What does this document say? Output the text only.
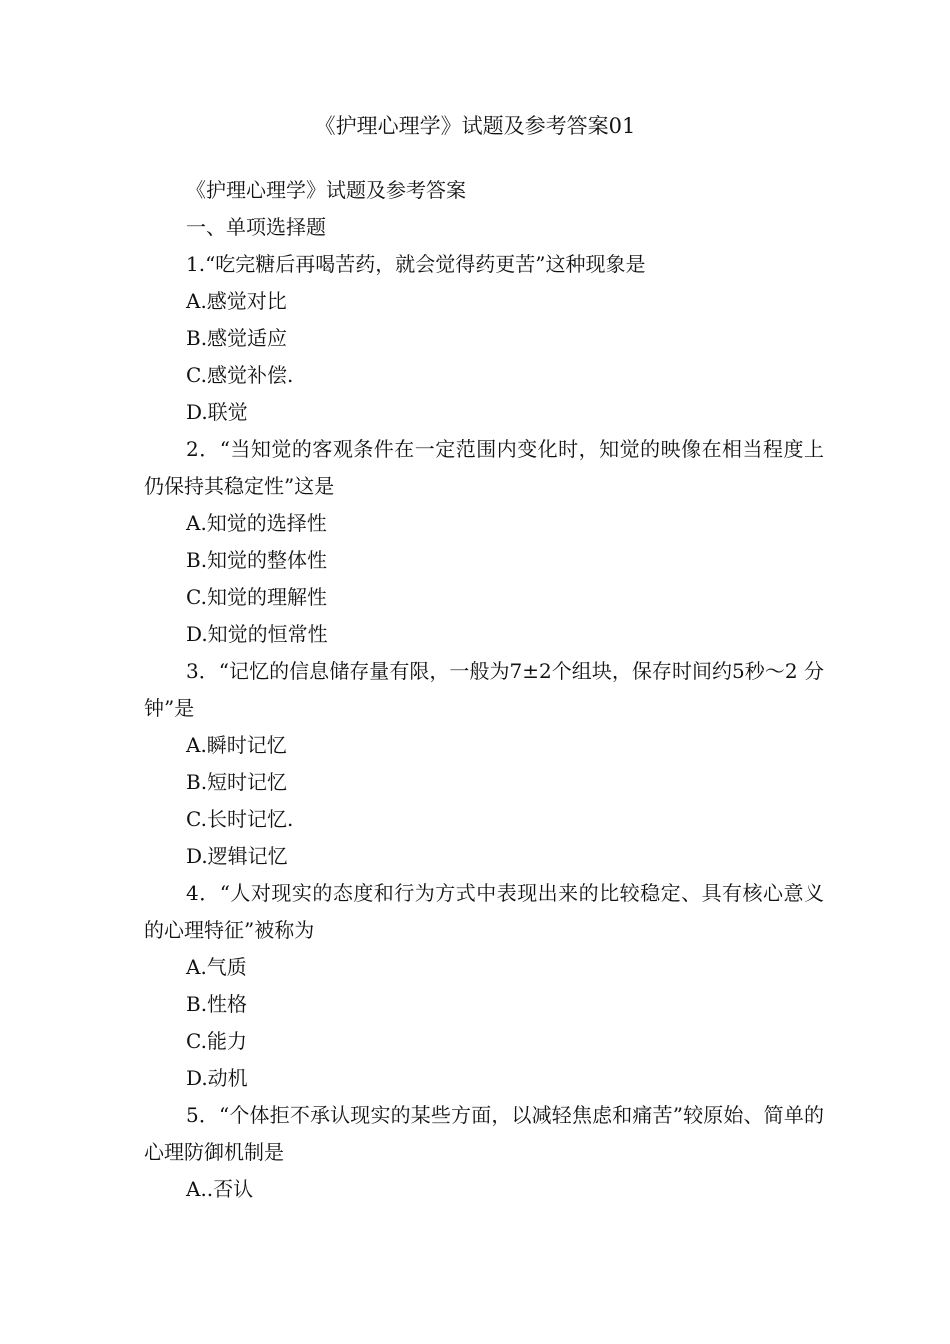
《护理心理学》试题及参考答案01

《护理心理学》试题及参考答案

一、单项选择题

1.“吃完糖后再喝苦药，就会觉得药更苦”这种现象是

A.感觉对比

B.感觉适应

C.感觉补偿.

D.联觉

2．“当知觉的客观条件在一定范围内变化时，知觉的映像在相当程度上仍保持其稳定性”这是

A.知觉的选择性

B.知觉的整体性

C.知觉的理解性

D.知觉的恒常性

3．“记忆的信息储存量有限，一般为7±2个组块，保存时间约5秒～2 分钟”是

A.瞬时记忆

B.短时记忆

C.长时记忆.

D.逻辑记忆

4．“人对现实的态度和行为方式中表现出来的比较稳定、具有核心意义的心理特征”被称为

A.气质

B.性格

C.能力

D.动机

5．“个体拒不承认现实的某些方面，以减轻焦虑和痛苦”较原始、简单的心理防御机制是

A..否认
